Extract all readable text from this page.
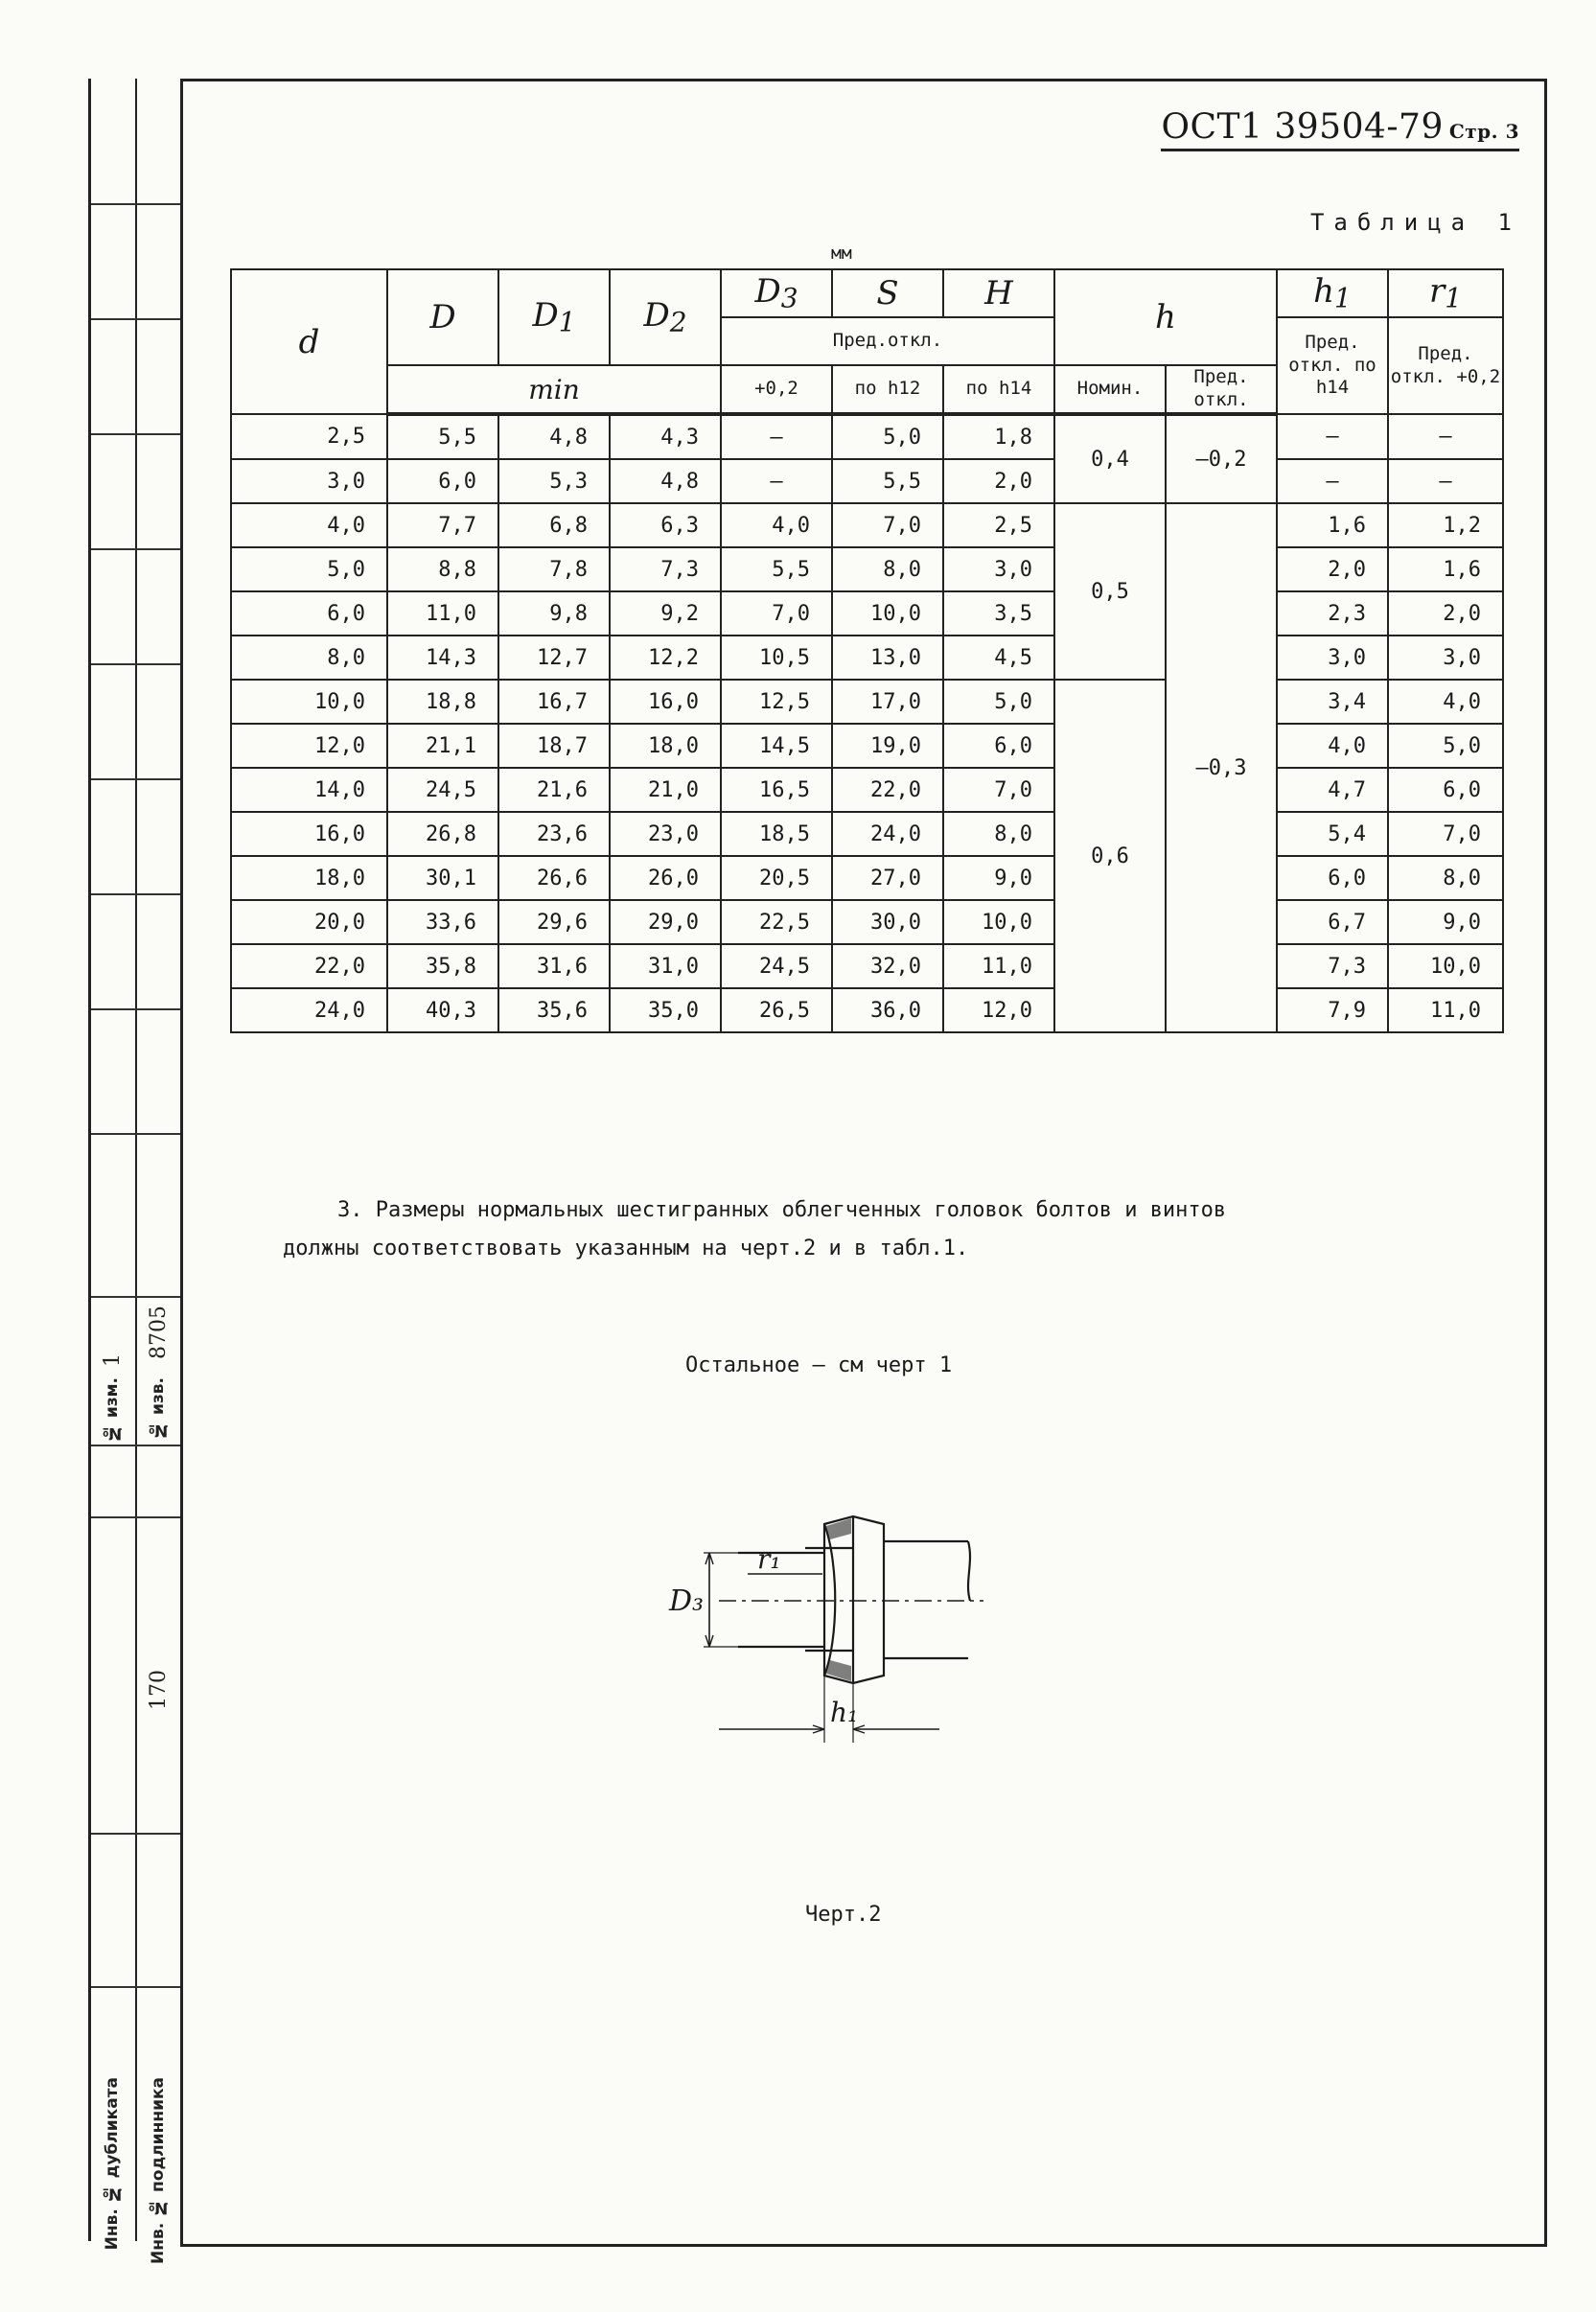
1
8705
№ изм. № изв.
170
Инв. № дубликата Инв. № подлинника
ОСТ1 39504-79 Стр. 3
Таблица 1
мм
d	D	$D_1$	$D_2$	$D_3$	S	H	h		$h_1$	$r_1$
				Пред.откл.					Пред. откл. по h14	Пред. откл. +0,2
	min			+0,2	по h12	по h14	Номин.	Пред. откл.		
2,5	5,5	4,8	4,3	–	5,0	1,8	0,4	–0,2	–	–
3,0	6,0	5,3	4,8	–	5,5	2,0			–	–
4,0	7,7	6,8	6,3	4,0	7,0	2,5	0,5	–0,3	1,6	1,2
5,0	8,8	7,8	7,3	5,5	8,0	3,0			2,0	1,6
6,0	11,0	9,8	9,2	7,0	10,0	3,5			2,3	2,0
8,0	14,3	12,7	12,2	10,5	13,0	4,5			3,0	3,0
10,0	18,8	16,7	16,0	12,5	17,0	5,0	0,6		3,4	4,0
12,0	21,1	18,7	18,0	14,5	19,0	6,0			4,0	5,0
14,0	24,5	21,6	21,0	16,5	22,0	7,0			4,7	6,0
16,0	26,8	23,6	23,0	18,5	24,0	8,0			5,4	7,0
18,0	30,1	26,6	26,0	20,5	27,0	9,0			6,0	8,0
20,0	33,6	29,6	29,0	22,5	30,0	10,0			6,7	9,0
22,0	35,8	31,6	31,0	24,5	32,0	11,0			7,3	10,0
24,0	40,3	35,6	35,0	26,5	36,0	12,0			7,9	11,0
3. Размеры нормальных шестигранных облегченных головок болтов и винтов
должны соответствовать указанным на черт.2 и в табл.1.
Остальное – см черт 1
D₃
r₁
h₁
Черт.2
